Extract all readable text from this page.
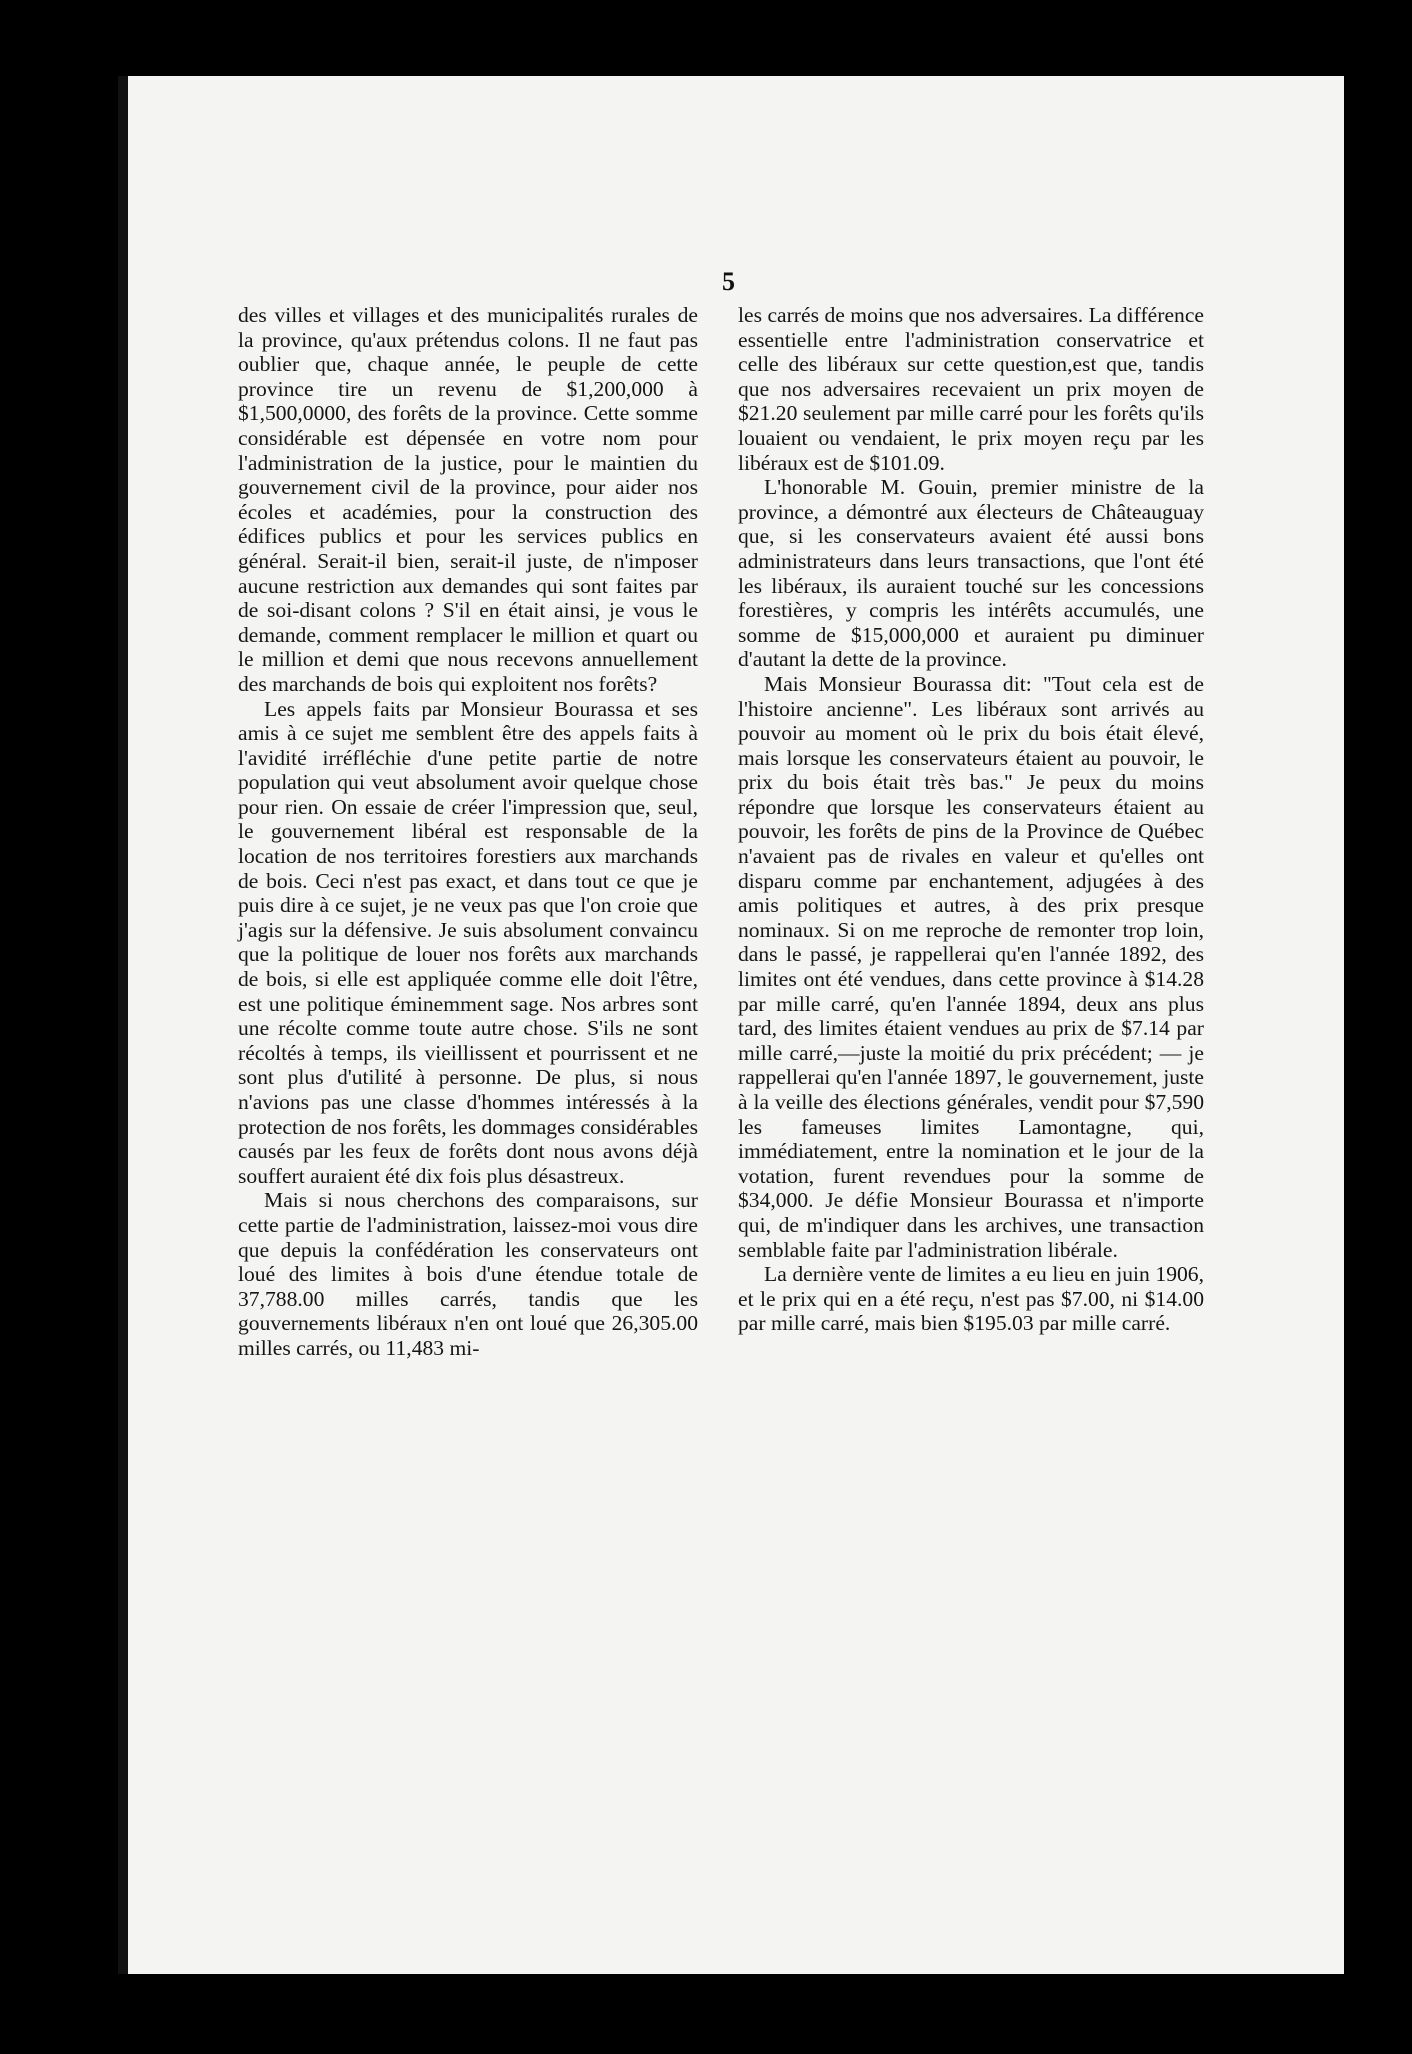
5

des villes et villages et des municipalités rurales de la province, qu'aux prétendus colons. Il ne faut pas oublier que, chaque année, le peuple de cette province tire un revenu de $1,200,000 à $1,500,0000, des forêts de la province. Cette somme considérable est dépensée en votre nom pour l'administration de la justice, pour le maintien du gouvernement civil de la province, pour aider nos écoles et académies, pour la construction des édifices publics et pour les services publics en général. Serait-il bien, serait-il juste, de n'imposer aucune restriction aux demandes qui sont faites par de soi-disant colons ? S'il en était ainsi, je vous le demande, comment remplacer le million et quart ou le million et demi que nous recevons annuellement des marchands de bois qui exploitent nos forêts?

Les appels faits par Monsieur Bourassa et ses amis à ce sujet me semblent être des appels faits à l'avidité irréfléchie d'une petite partie de notre population qui veut absolument avoir quelque chose pour rien. On essaie de créer l'impression que, seul, le gouvernement libéral est responsable de la location de nos territoires forestiers aux marchands de bois. Ceci n'est pas exact, et dans tout ce que je puis dire à ce sujet, je ne veux pas que l'on croie que j'agis sur la défensive. Je suis absolument convaincu que la politique de louer nos forêts aux marchands de bois, si elle est appliquée comme elle doit l'être, est une politique éminemment sage. Nos arbres sont une récolte comme toute autre chose. S'ils ne sont récoltés à temps, ils vieillissent et pourrissent et ne sont plus d'utilité à personne. De plus, si nous n'avions pas une classe d'hommes intéressés à la protection de nos forêts, les dommages considérables causés par les feux de forêts dont nous avons déjà souffert auraient été dix fois plus désastreux.

Mais si nous cherchons des comparaisons, sur cette partie de l'administration, laissez-moi vous dire que depuis la confédération les conservateurs ont loué des limites à bois d'une étendue totale de 37,788.00 milles carrés, tandis que les gouvernements libéraux n'en ont loué que 26,305.00 milles carrés, ou 11,483 mi-

les carrés de moins que nos adversaires. La différence essentielle entre l'administration conservatrice et celle des libéraux sur cette question,est que, tandis que nos adversaires recevaient un prix moyen de $21.20 seulement par mille carré pour les forêts qu'ils louaient ou vendaient, le prix moyen reçu par les libéraux est de $101.09.

L'honorable M. Gouin, premier ministre de la province, a démontré aux électeurs de Châteauguay que, si les conservateurs avaient été aussi bons administrateurs dans leurs transactions, que l'ont été les libéraux, ils auraient touché sur les concessions forestières, y compris les intérêts accumulés, une somme de $15,000,000 et auraient pu diminuer d'autant la dette de la province.

Mais Monsieur Bourassa dit: "Tout cela est de l'histoire ancienne". Les libéraux sont arrivés au pouvoir au moment où le prix du bois était élevé, mais lorsque les conservateurs étaient au pouvoir, le prix du bois était très bas." Je peux du moins répondre que lorsque les conservateurs étaient au pouvoir, les forêts de pins de la Province de Québec n'avaient pas de rivales en valeur et qu'elles ont disparu comme par enchantement, adjugées à des amis politiques et autres, à des prix presque nominaux. Si on me reproche de remonter trop loin, dans le passé, je rappellerai qu'en l'année 1892, des limites ont été vendues, dans cette province à $14.28 par mille carré, qu'en l'année 1894, deux ans plus tard, des limites étaient vendues au prix de $7.14 par mille carré,—juste la moitié du prix précédent; — je rappellerai qu'en l'année 1897, le gouvernement, juste à la veille des élections générales, vendit pour $7,590 les fameuses limites Lamontagne, qui, immédiatement, entre la nomination et le jour de la votation, furent revendues pour la somme de $34,000. Je défie Monsieur Bourassa et n'importe qui, de m'indiquer dans les archives, une transaction semblable faite par l'administration libérale.

La dernière vente de limites a eu lieu en juin 1906, et le prix qui en a été reçu, n'est pas $7.00, ni $14.00 par mille carré, mais bien $195.03 par mille carré.
